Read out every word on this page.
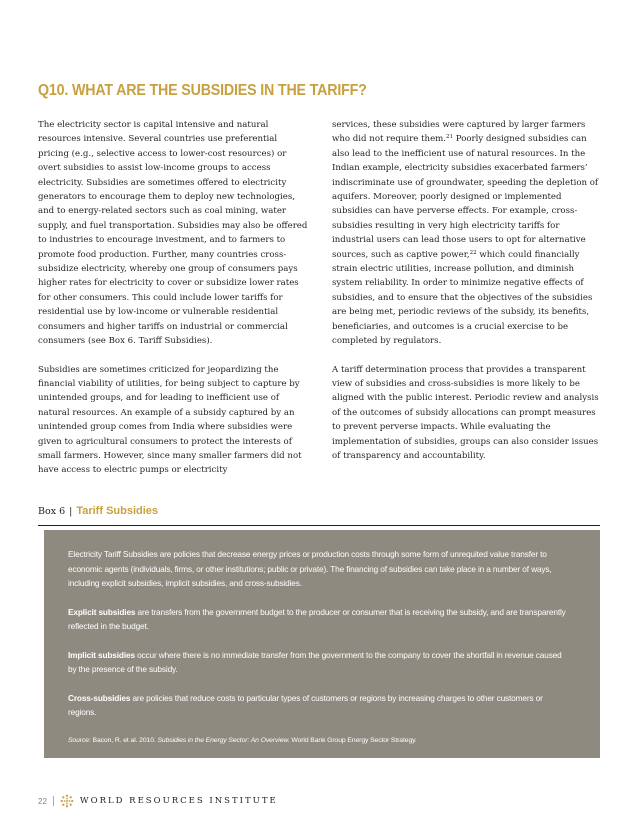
Q10. WHAT ARE THE SUBSIDIES IN THE TARIFF?

The electricity sector is capital intensive and natural resources intensive. Several countries use preferential pricing (e.g., selective access to lower-cost resources) or overt subsidies to assist low-income groups to access electricity. Subsidies are sometimes offered to electricity generators to encourage them to deploy new technologies, and to energy-related sectors such as coal mining, water supply, and fuel transportation. Subsidies may also be offered to industries to encourage investment, and to farmers to promote food production. Further, many countries cross-subsidize electricity, whereby one group of consumers pays higher rates for electricity to cover or subsidize lower rates for other consumers. This could include lower tariffs for residential use by low-income or vulnerable residential consumers and higher tariffs on industrial or commercial consumers (see Box 6. Tariff Subsidies).

Subsidies are sometimes criticized for jeopardizing the financial viability of utilities, for being subject to capture by unintended groups, and for leading to inefficient use of natural resources. An example of a subsidy captured by an unintended group comes from India where subsidies were given to agricultural consumers to protect the interests of small farmers. However, since many smaller farmers did not have access to electric pumps or electricity

services, these subsidies were captured by larger farmers who did not require them.$^{21}$ Poorly designed subsidies can also lead to the inefficient use of natural resources. In the Indian example, electricity subsidies exacerbated farmers’ indiscriminate use of groundwater, speeding the depletion of aquifers. Moreover, poorly designed or implemented subsidies can have perverse effects. For example, cross-subsidies resulting in very high electricity tariffs for industrial users can lead those users to opt for alternative sources, such as captive power,$^{22}$ which could financially strain electric utilities, increase pollution, and diminish system reliability. In order to minimize negative effects of subsidies, and to ensure that the objectives of the subsidies are being met, periodic reviews of the subsidy, its benefits, beneficiaries, and outcomes is a crucial exercise to be completed by regulators.

A tariff determination process that provides a transparent view of subsidies and cross-subsidies is more likely to be aligned with the public interest. Periodic review and analysis of the outcomes of subsidy allocations can prompt measures to prevent perverse impacts. While evaluating the implementation of subsidies, groups can also consider issues of transparency and accountability.

Box 6 | Tariff Subsidies

Electricity Tariff Subsidies are policies that decrease energy prices or production costs through some form of unrequited value transfer to economic agents (individuals, firms, or other institutions; public or private). The financing of subsidies can take place in a number of ways, including explicit subsidies, implicit subsidies, and cross-subsidies.

Explicit subsidies are transfers from the government budget to the producer or consumer that is receiving the subsidy, and are transparently reflected in the budget.

Implicit subsidies occur where there is no immediate transfer from the government to the company to cover the shortfall in revenue caused by the presence of the subsidy.

Cross-subsidies are policies that reduce costs to particular types of customers or regions by increasing charges to other customers or regions.

Source: Bacon, R. et al. 2010. Subsidies in the Energy Sector: An Overview. World Bank Group Energy Sector Strategy.
22	WORLD RESOURCES INSTITUTE
